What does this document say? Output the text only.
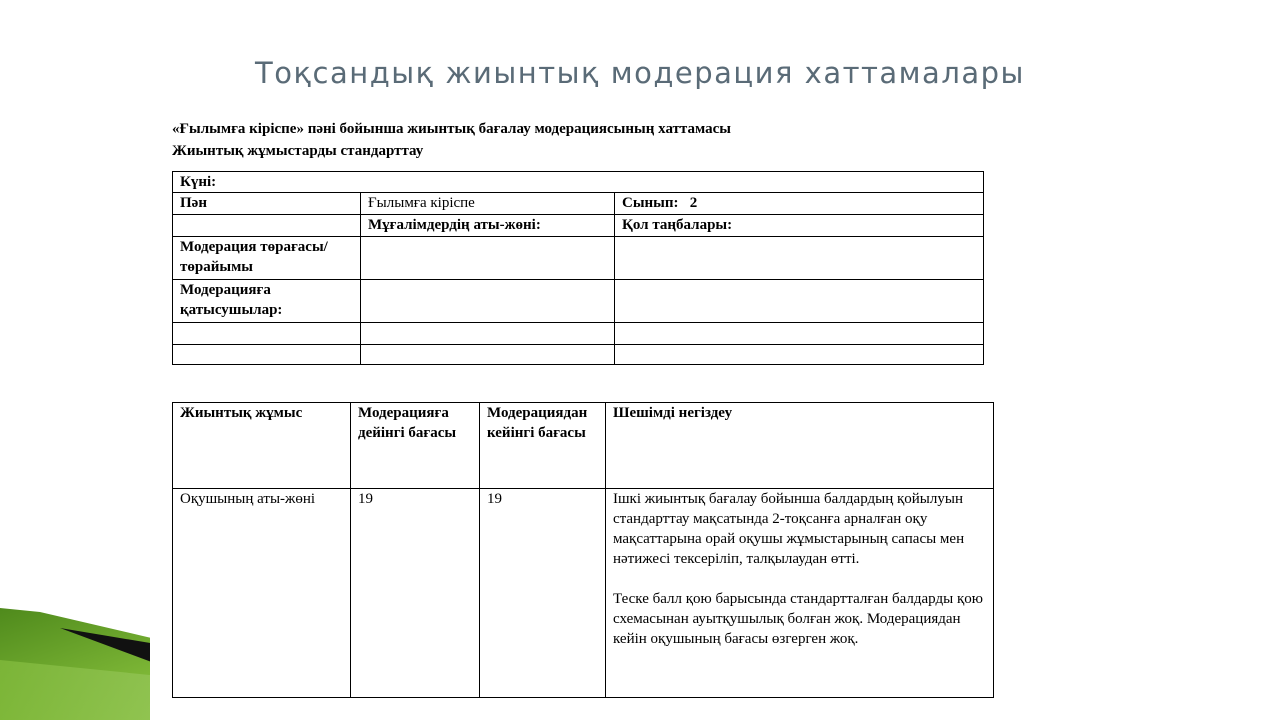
Тоқсандық жиынтық модерация хаттамалары
«Ғылымға кіріспе» пәні бойынша жиынтық бағалау модерациясының хаттамасы
Жиынтық жұмыстарды стандарттау
Күні:		
Пән	Ғылымға кіріспе	Сынып: 2
	Мұғалімдердің аты-жөні:	Қол таңбалары:
Модерация төрағасы/төрайымы		
Модерацияға қатысушылар:		

Жиынтық жұмыс	Модерацияға дейінгі бағасы	Модерациядан кейінгі бағасы	Шешімді негіздеу
Оқушының аты-жөні	19	19	Ішкі жиынтық бағалау бойынша балдардың қойылуын стандарттау мақсатында 2-тоқсанға арналған оқу мақсаттарына орай оқушы жұмыстарының сапасы мен нәтижесі тексеріліп, талқылаудан өтті.
Теске балл қою барысында стандартталған балдарды қою схемасынан ауытқушылық болған жоқ. Модерациядан кейін оқушының бағасы өзгерген жоқ.
